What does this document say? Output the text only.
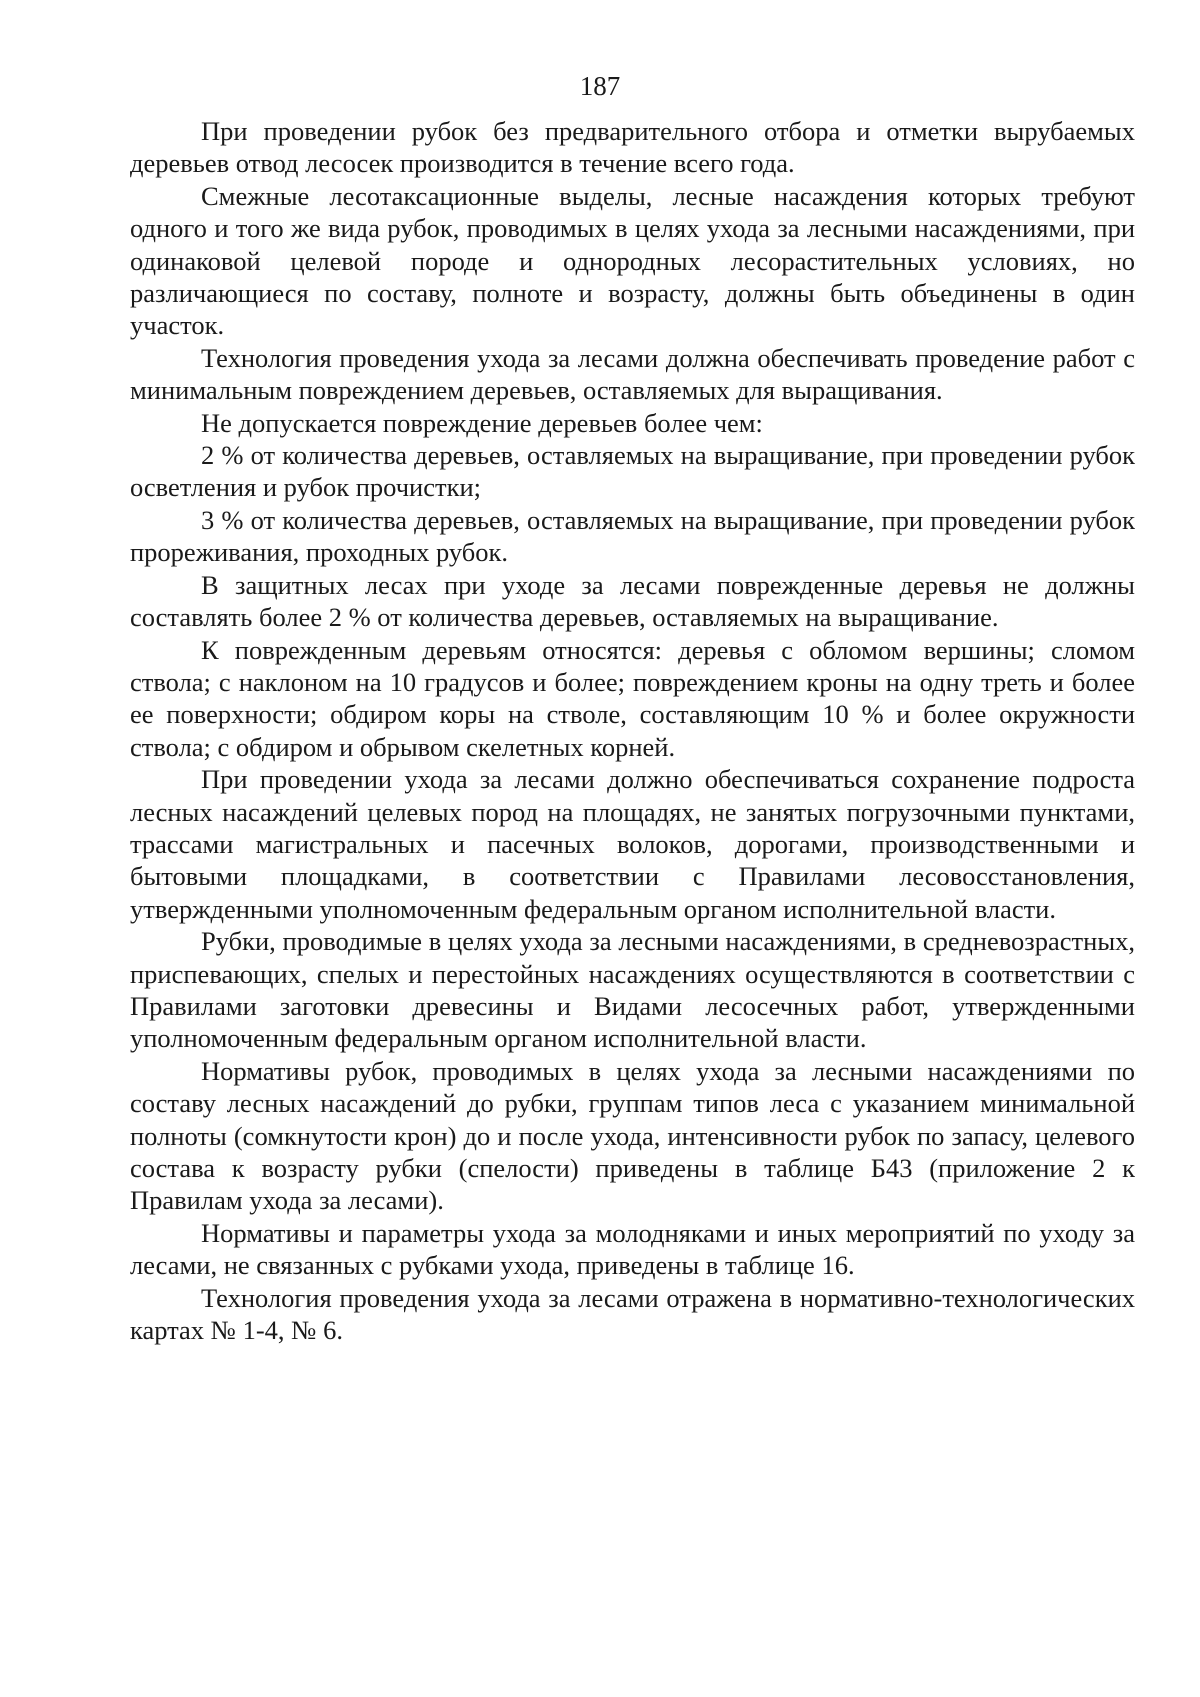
187

При проведении рубок без предварительного отбора и отметки вырубаемых деревьев отвод лесосек производится в течение всего года.

Смежные лесотаксационные выделы, лесные насаждения которых требуют одного и того же вида рубок, проводимых в целях ухода за лесными насаждениями, при одинаковой целевой породе и однородных лесорастительных условиях, но различающиеся по составу, полноте и возрасту, должны быть объединены в один участок.

Технология проведения ухода за лесами должна обеспечивать проведение работ с минимальным повреждением деревьев, оставляемых для выращивания.

Не допускается повреждение деревьев более чем:

2 % от количества деревьев, оставляемых на выращивание, при проведении рубок осветления и рубок прочистки;

3 % от количества деревьев, оставляемых на выращивание, при проведении рубок прореживания, проходных рубок.

В защитных лесах при уходе за лесами поврежденные деревья не должны составлять более 2 % от количества деревьев, оставляемых на выращивание.

К поврежденным деревьям относятся: деревья с обломом вершины; сломом ствола; с наклоном на 10 градусов и более; повреждением кроны на одну треть и более ее поверхности; обдиром коры на стволе, составляющим 10 % и более окружности ствола; с обдиром и обрывом скелетных корней.

При проведении ухода за лесами должно обеспечиваться сохранение подроста лесных насаждений целевых пород на площадях, не занятых погрузочными пунктами, трассами магистральных и пасечных волоков, дорогами, производственными и бытовыми площадками, в соответствии с Правилами лесовосстановления, утвержденными уполномоченным федеральным органом исполнительной власти.

Рубки, проводимые в целях ухода за лесными насаждениями, в средневозрастных, приспевающих, спелых и перестойных насаждениях осуществляются в соответствии с Правилами заготовки древесины и Видами лесосечных работ, утвержденными уполномоченным федеральным органом исполнительной власти.

Нормативы рубок, проводимых в целях ухода за лесными насаждениями по составу лесных насаждений до рубки, группам типов леса с указанием минимальной полноты (сомкнутости крон) до и после ухода, интенсивности рубок по запасу, целевого состава к возрасту рубки (спелости) приведены в таблице Б43 (приложение 2 к Правилам ухода за лесами).

Нормативы и параметры ухода за молодняками и иных мероприятий по уходу за лесами, не связанных с рубками ухода, приведены в таблице 16.

Технология проведения ухода за лесами отражена в нормативно-технологических картах № 1-4, № 6.
